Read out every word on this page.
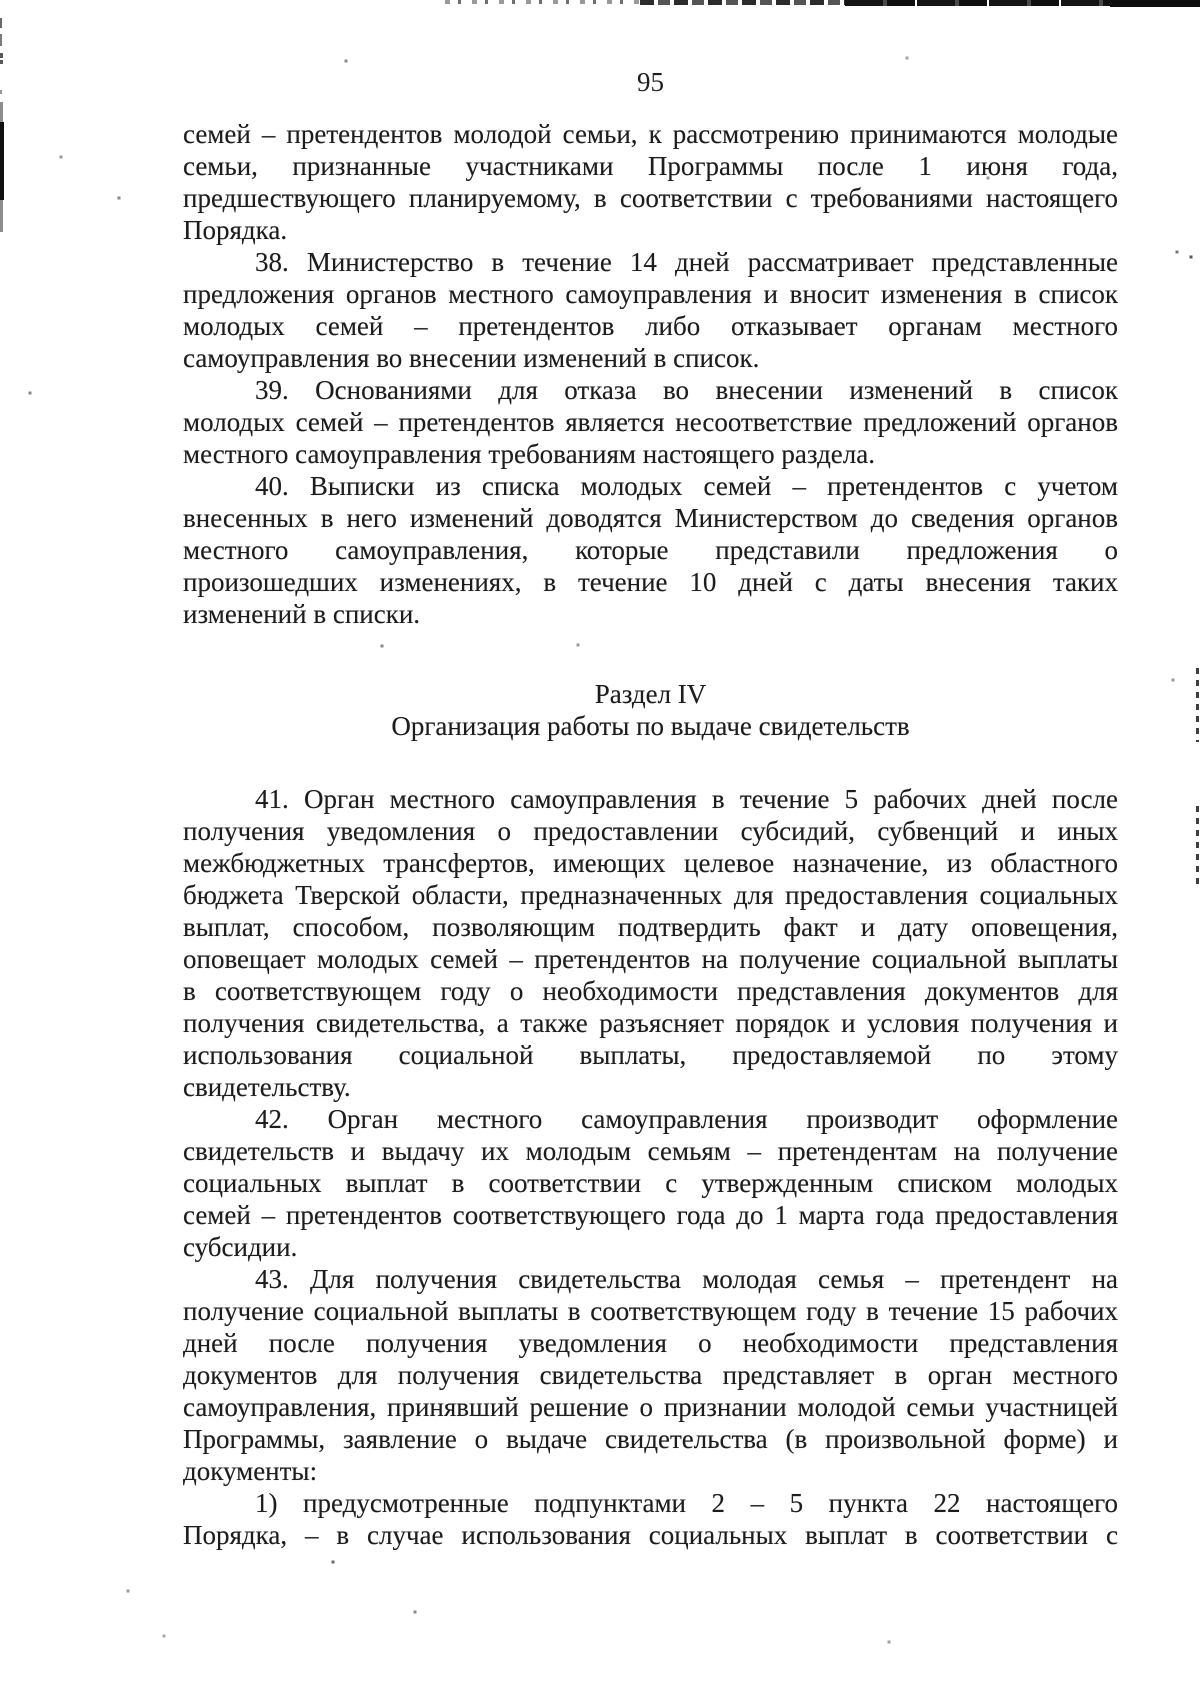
95

семей – претендентов молодой семьи, к рассмотрению принимаются молодые
семьи, признанные участниками Программы после 1 июня года,
предшествующего планируемому, в соответствии с требованиями настоящего
Порядка.

38. Министерство в течение 14 дней рассматривает представленные
предложения органов местного самоуправления и вносит изменения в список
молодых семей – претендентов либо отказывает органам местного
самоуправления во внесении изменений в список.

39. Основаниями для отказа во внесении изменений в список
молодых семей – претендентов является несоответствие предложений органов
местного самоуправления требованиям настоящего раздела.

40. Выписки из списка молодых семей – претендентов с учетом
внесенных в него изменений доводятся Министерством до сведения органов
местного самоуправления, которые представили предложения о
произошедших изменениях, в течение 10 дней с даты внесения таких
изменений в списки.

Раздел IV
Организация работы по выдаче свидетельств

41. Орган местного самоуправления в течение 5 рабочих дней после
получения уведомления о предоставлении субсидий, субвенций и иных
межбюджетных трансфертов, имеющих целевое назначение, из областного
бюджета Тверской области, предназначенных для предоставления социальных
выплат, способом, позволяющим подтвердить факт и дату оповещения,
оповещает молодых семей – претендентов на получение социальной выплаты
в соответствующем году о необходимости представления документов для
получения свидетельства, а также разъясняет порядок и условия получения и
использования социальной выплаты, предоставляемой по этому
свидетельству.

42. Орган местного самоуправления производит оформление
свидетельств и выдачу их молодым семьям – претендентам на получение
социальных выплат в соответствии с утвержденным списком молодых
семей – претендентов соответствующего года до 1 марта года предоставления
субсидии.

43. Для получения свидетельства молодая семья – претендент на
получение социальной выплаты в соответствующем году в течение 15 рабочих
дней после получения уведомления о необходимости представления
документов для получения свидетельства представляет в орган местного
самоуправления, принявший решение о признании молодой семьи участницей
Программы, заявление о выдаче свидетельства (в произвольной форме) и
документы:

1) предусмотренные подпунктами 2 – 5 пункта 22 настоящего
Порядка, – в случае использования социальных выплат в соответствии с
